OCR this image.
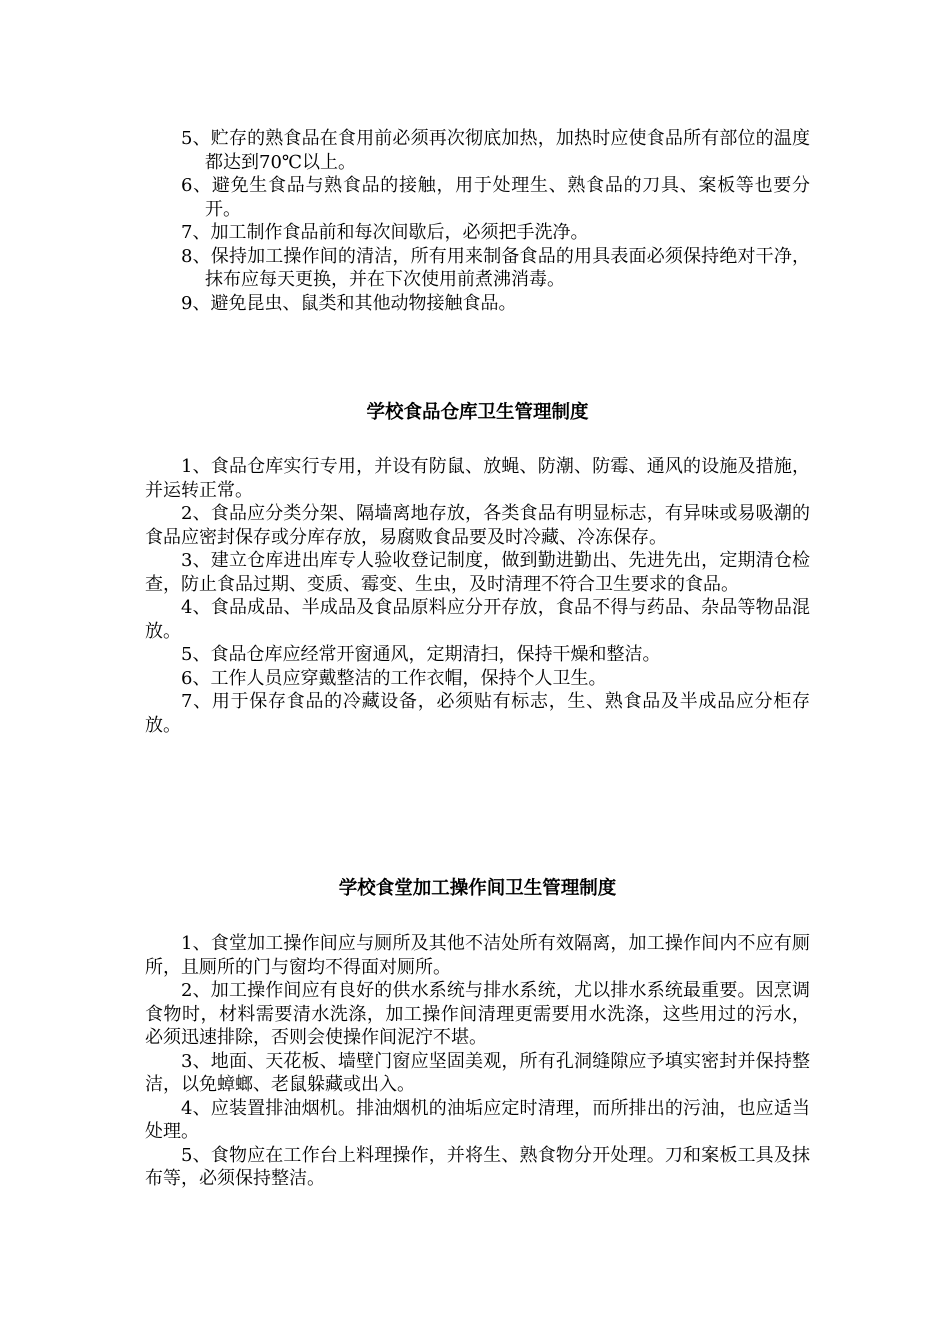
5、贮存的熟食品在食用前必须再次彻底加热，加热时应使食品所有部位的温度都达到70℃以上。

6、避免生食品与熟食品的接触，用于处理生、熟食品的刀具、案板等也要分开。

7、加工制作食品前和每次间歇后，必须把手洗净。

8、保持加工操作间的清洁，所有用来制备食品的用具表面必须保持绝对干净，抹布应每天更换，并在下次使用前煮沸消毒。

9、避免昆虫、鼠类和其他动物接触食品。

学校食品仓库卫生管理制度

1、食品仓库实行专用，并设有防鼠、放蝇、防潮、防霉、通风的设施及措施，并运转正常。

2、食品应分类分架、隔墙离地存放，各类食品有明显标志，有异味或易吸潮的食品应密封保存或分库存放，易腐败食品要及时冷藏、冷冻保存。

3、建立仓库进出库专人验收登记制度，做到勤进勤出、先进先出，定期清仓检查，防止食品过期、变质、霉变、生虫，及时清理不符合卫生要求的食品。

4、食品成品、半成品及食品原料应分开存放，食品不得与药品、杂品等物品混放。

5、食品仓库应经常开窗通风，定期清扫，保持干燥和整洁。

6、工作人员应穿戴整洁的工作衣帽，保持个人卫生。

7、用于保存食品的冷藏设备，必须贴有标志，生、熟食品及半成品应分柜存放。

学校食堂加工操作间卫生管理制度

1、食堂加工操作间应与厕所及其他不洁处所有效隔离，加工操作间内不应有厕所，且厕所的门与窗均不得面对厕所。

2、加工操作间应有良好的供水系统与排水系统，尤以排水系统最重要。因烹调食物时，材料需要清水洗涤，加工操作间清理更需要用水洗涤，这些用过的污水，必须迅速排除，否则会使操作间泥泞不堪。

3、地面、天花板、墙壁门窗应坚固美观，所有孔洞缝隙应予填实密封并保持整洁，以免蟑螂、老鼠躲藏或出入。

4、应装置排油烟机。排油烟机的油垢应定时清理，而所排出的污油，也应适当处理。

5、食物应在工作台上料理操作，并将生、熟食物分开处理。刀和案板工具及抹布等，必须保持整洁。
